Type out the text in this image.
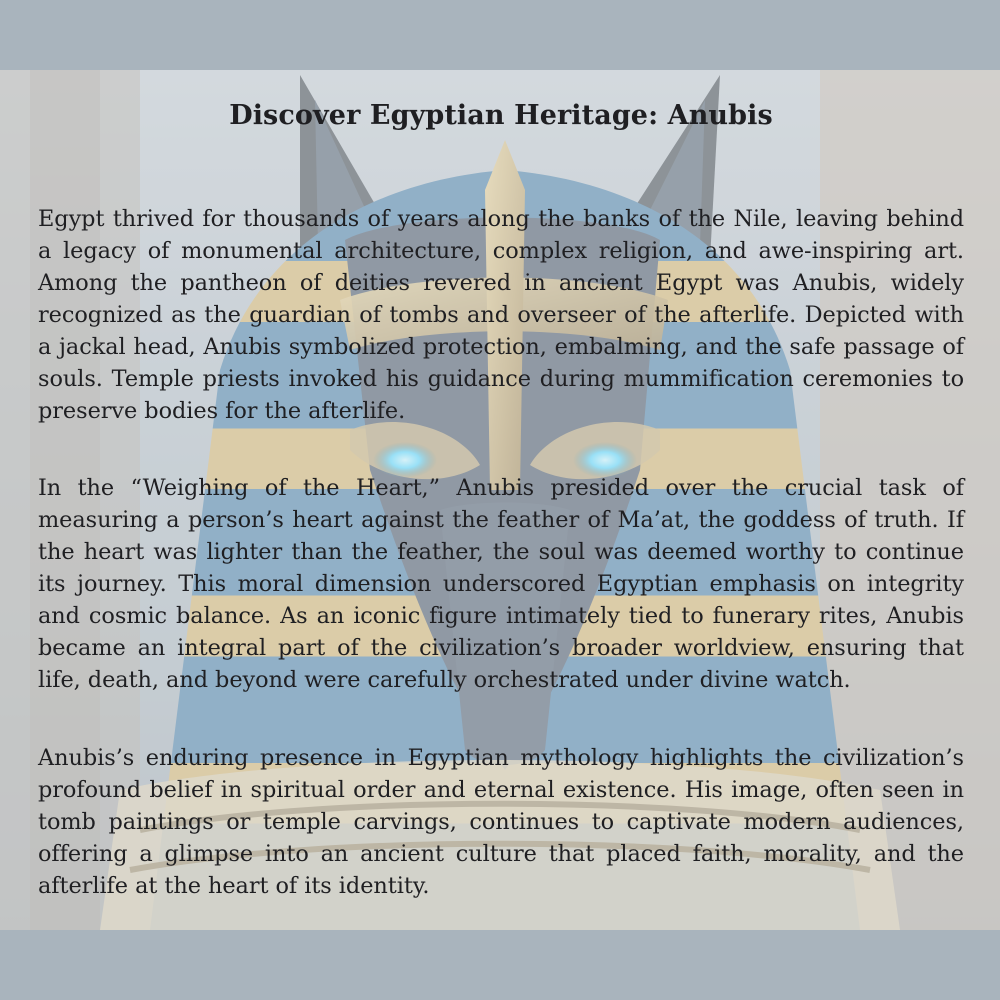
Discover Egyptian Heritage: Anubis

Egypt thrived for thousands of years along the banks of the Nile, leaving behind a legacy of monumental architecture, complex religion, and awe-inspiring art. Among the pantheon of deities revered in ancient Egypt was Anubis, widely recognized as the guardian of tombs and overseer of the afterlife. Depicted with a jackal head, Anubis symbolized protection, embalming, and the safe passage of souls. Temple priests invoked his guidance during mummification ceremonies to preserve bodies for the afterlife.

In the “Weighing of the Heart,” Anubis presided over the crucial task of measuring a person’s heart against the feather of Ma’at, the goddess of truth. If the heart was lighter than the feather, the soul was deemed worthy to continue its journey. This moral dimension underscored Egyptian emphasis on integrity and cosmic balance. As an iconic figure intimately tied to funerary rites, Anubis became an integral part of the civilization’s broader worldview, ensuring that life, death, and beyond were carefully orchestrated under divine watch.

Anubis’s enduring presence in Egyptian mythology highlights the civilization’s profound belief in spiritual order and eternal existence. His image, often seen in tomb paintings or temple carvings, continues to captivate modern audiences, offering a glimpse into an ancient culture that placed faith, morality, and the afterlife at the heart of its identity.
